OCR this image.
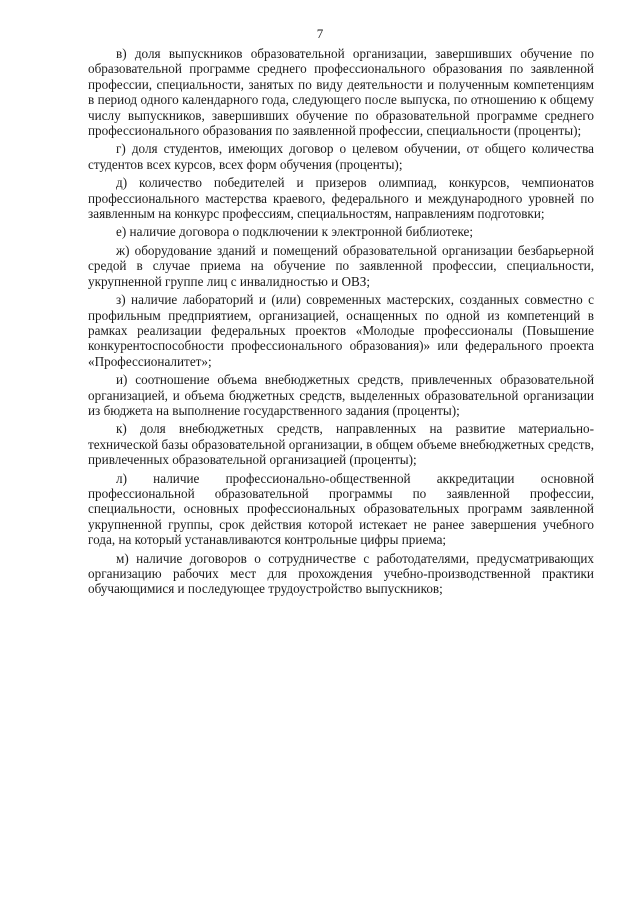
7

в) доля выпускников образовательной организации, завершивших обучение по образовательной программе среднего профессионального образования по заявленной профессии, специальности, занятых по виду деятельности и полученным компетенциям в период одного календарного года, следующего после выпуска, по отношению к общему числу выпускников, завершивших обучение по образовательной программе среднего профессионального образования по заявленной профессии, специальности (проценты);

г) доля студентов, имеющих договор о целевом обучении, от общего количества студентов всех курсов, всех форм обучения (проценты);

д) количество победителей и призеров олимпиад, конкурсов, чемпионатов профессионального мастерства краевого, федерального и международного уровней по заявленным на конкурс профессиям, специальностям, направлениям подготовки;

е) наличие договора о подключении к электронной библиотеке;

ж) оборудование зданий и помещений образовательной организации безбарьерной средой в случае приема на обучение по заявленной профессии, специальности, укрупненной группе лиц с инвалидностью и ОВЗ;

з) наличие лабораторий и (или) современных мастерских, созданных совместно с профильным предприятием, организацией, оснащенных по одной из компетенций в рамках реализации федеральных проектов «Молодые профессионалы (Повышение конкурентоспособности профессионального образования)» или федерального проекта «Профессионалитет»;

и) соотношение объема внебюджетных средств, привлеченных образовательной организацией, и объема бюджетных средств, выделенных образовательной организации из бюджета на выполнение государственного задания (проценты);

к) доля внебюджетных средств, направленных на развитие материально-технической базы образовательной организации, в общем объеме внебюджетных средств, привлеченных образовательной организацией (проценты);

л) наличие профессионально-общественной аккредитации основной профессиональной образовательной программы по заявленной профессии, специальности, основных профессиональных образовательных программ заявленной укрупненной группы, срок действия которой истекает не ранее завершения учебного года, на который устанавливаются контрольные цифры приема;

м) наличие договоров о сотрудничестве с работодателями, предусматривающих организацию рабочих мест для прохождения учебно-производственной практики обучающимися и последующее трудоустройство выпускников;
